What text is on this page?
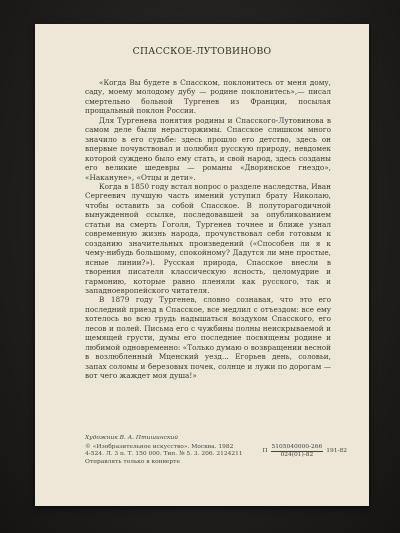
СПАССКОЕ-ЛУТОВИНОВО

«Когда Вы будете в Спасском, поклонитесь от меня дому, саду, моему молодому дубу — родине поклонитесь»,— писал смертельно больной Тургенев из Франции, посылая прощальный поклон России.

Для Тургенева понятия родины и Спасского-Лутовинова в самом деле были нерасторжимы. Спасское слишком много значило в его судьбе: здесь прошло его детство, здесь он впервые почувствовал и полюбил русскую природу, невдомек которой суждено было ему стать, и свой народ, здесь созданы его великие шедевры — романы «Дворянское гнездо», «Накануне», «Отцы и дети».

Когда в 1850 году встал вопрос о разделе наследства, Иван Сергеевич лучшую часть имений уступил брату Николаю, чтобы оставить за собой Спасское. В полуторагодичной вынужденной ссылке, последовавшей за опубликованием статьи на смерть Гоголя, Тургенев точнее и ближе узнал современную жизнь народа, прочувствовал себя готовым к созданию значительных произведений («Способен ли я к чему-нибудь большому, спокойному? Дадутся ли мне простые, ясные линии?»). Русская природа, Спасское внесли в творения писателя классическую ясность, целомудрие и гармонию, которые равно пленяли как русского, так и западноевропейского читателя.

В 1879 году Тургенев, словно сознавая, что это его последний приезд в Спасское, все медлил с отъездом: все ему хотелось во всю грудь надышаться воздухом Спасского, его лесов и полей. Письма его с чужбины полны неискрываемой и щемящей грусти, думы его последние посвящены родине и любимой одновременно: «Только думаю о возвращении весной в возлюбленный Мценский уезд... Егорьев день, соловьи, запах соломы и березовых почек, солнце и лужи по дорогам — вот чего жаждет моя душа!»

Художник В. А. Птишинский
© «Изобразительное искусство». Москва. 1982
4-524. Л. 3 п. Т. 150 000. Тип. № 5. 3. 206. 2124211
Отправлять только в конверте
П $\frac{5105040000-266}{024(01)-82} 191-82$
